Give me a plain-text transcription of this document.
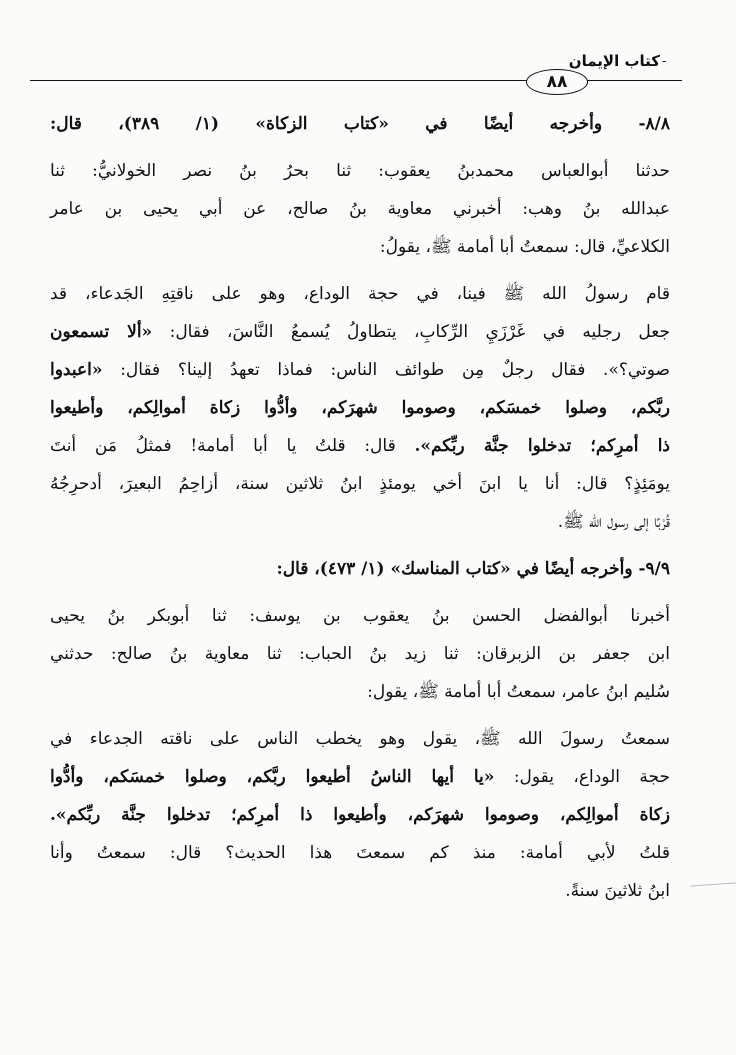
-
كتاب الإيمان
٨٨
٨/٨- وأخرجه أيضًا في «كتاب الزكاة» (١/ ٣٨٩)، قال:
حدثنا أبوالعباس محمدبنُ يعقوب: ثنا بحرُ بنُ نصر الخولانيُّ: ثنا
عبدالله بنُ وهب: أخبرني معاوية بنُ صالح، عن أبي يحيى بن عامر
الكلاعيِّ، قال: سمعتُ أبا أمامة ﷺ، يقولُ:
قام رسولُ الله ﷺ فينا، في حجة الوداع، وهو على ناقتِهِ الجَدعاء، قد
جعل رجليه في غَرْزَيِ الرِّكابِ، يتطاولُ يُسمعُ النَّاسَ، فقال: «ألا تسمعون
صوتي؟». فقال رجلٌ مِن طوائف الناس: فماذا تعهدُ إلينا؟ فقال: «اعبدوا
ربَّكم، وصلوا خمسَكم، وصوموا شهرَكم، وأدُّوا زكاة أموالِكم، وأطيعوا
ذا أمرِكم؛ تدخلوا جنَّة ربِّكم». قال: قلتُ يا أبا أمامة! فمثلُ مَن أنتَ
يومَئِذٍ؟ قال: أنا يا ابنَ أخي يومئذٍ ابنُ ثلاثين سنة، أزاحِمُ البعيرَ، أدحرِجُهُ
قُرْبًا إلى رسول الله ﷺ.
٩/٩- وأخرجه أيضًا في «كتاب المناسك» (١/ ٤٧٣)، قال:
أخبرنا أبوالفضل الحسن بنُ يعقوب بن يوسف: ثنا أبوبكر بنُ يحيى
ابن جعفر بن الزبرقان: ثنا زيد بنُ الحباب: ثنا معاوية بنُ صالح: حدثني
سُليم ابنُ عامر، سمعتُ أبا أمامة ﷺ، يقول:
سمعتُ رسولَ الله ﷺ، يقول وهو يخطب الناس على ناقته الجدعاء في
حجة الوداع، يقول: «يا أيها الناسُ أطيعوا ربَّكم، وصلوا خمسَكم، وأدُّوا
زكاة أموالِكم، وصوموا شهرَكم، وأطيعوا ذا أمرِكم؛ تدخلوا جنَّة ربِّكم».
قلتُ لأبي أمامة: منذ كم سمعتَ هذا الحديث؟ قال: سمعتُ وأنا
ابنُ ثلاثينَ سنةً.
